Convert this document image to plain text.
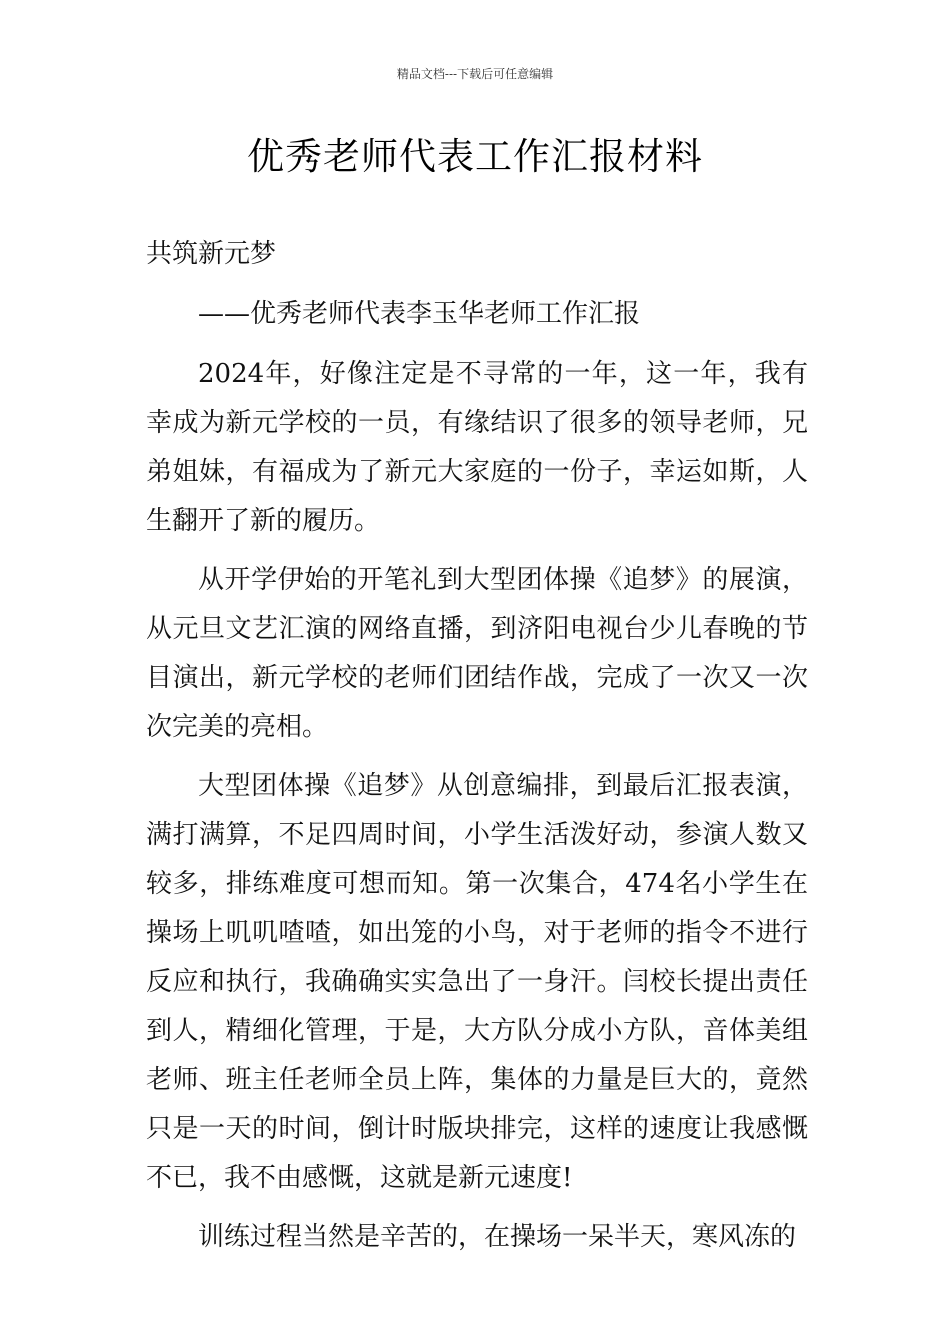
精品文档---下载后可任意编辑
优秀老师代表工作汇报材料

共筑新元梦

——优秀老师代表李玉华老师工作汇报

2024年，好像注定是不寻常的一年，这一年，我有幸成为新元学校的一员，有缘结识了很多的领导老师，兄弟姐妹，有福成为了新元大家庭的一份子，幸运如斯，人生翻开了新的履历。

从开学伊始的开笔礼到大型团体操《追梦》的展演，从元旦文艺汇演的网络直播，到济阳电视台少儿春晚的节目演出，新元学校的老师们团结作战，完成了一次又一次次完美的亮相。

大型团体操《追梦》从创意编排，到最后汇报表演，满打满算，不足四周时间，小学生活泼好动，参演人数又较多，排练难度可想而知。第一次集合，474名小学生在操场上叽叽喳喳，如出笼的小鸟，对于老师的指令不进行反应和执行，我确确实实急出了一身汗。闫校长提出责任到人，精细化管理，于是，大方队分成小方队，音体美组老师、班主任老师全员上阵，集体的力量是巨大的，竟然只是一天的时间，倒计时版块排完，这样的速度让我感慨不已，我不由感慨，这就是新元速度!

训练过程当然是辛苦的，在操场一呆半天，寒风冻的
